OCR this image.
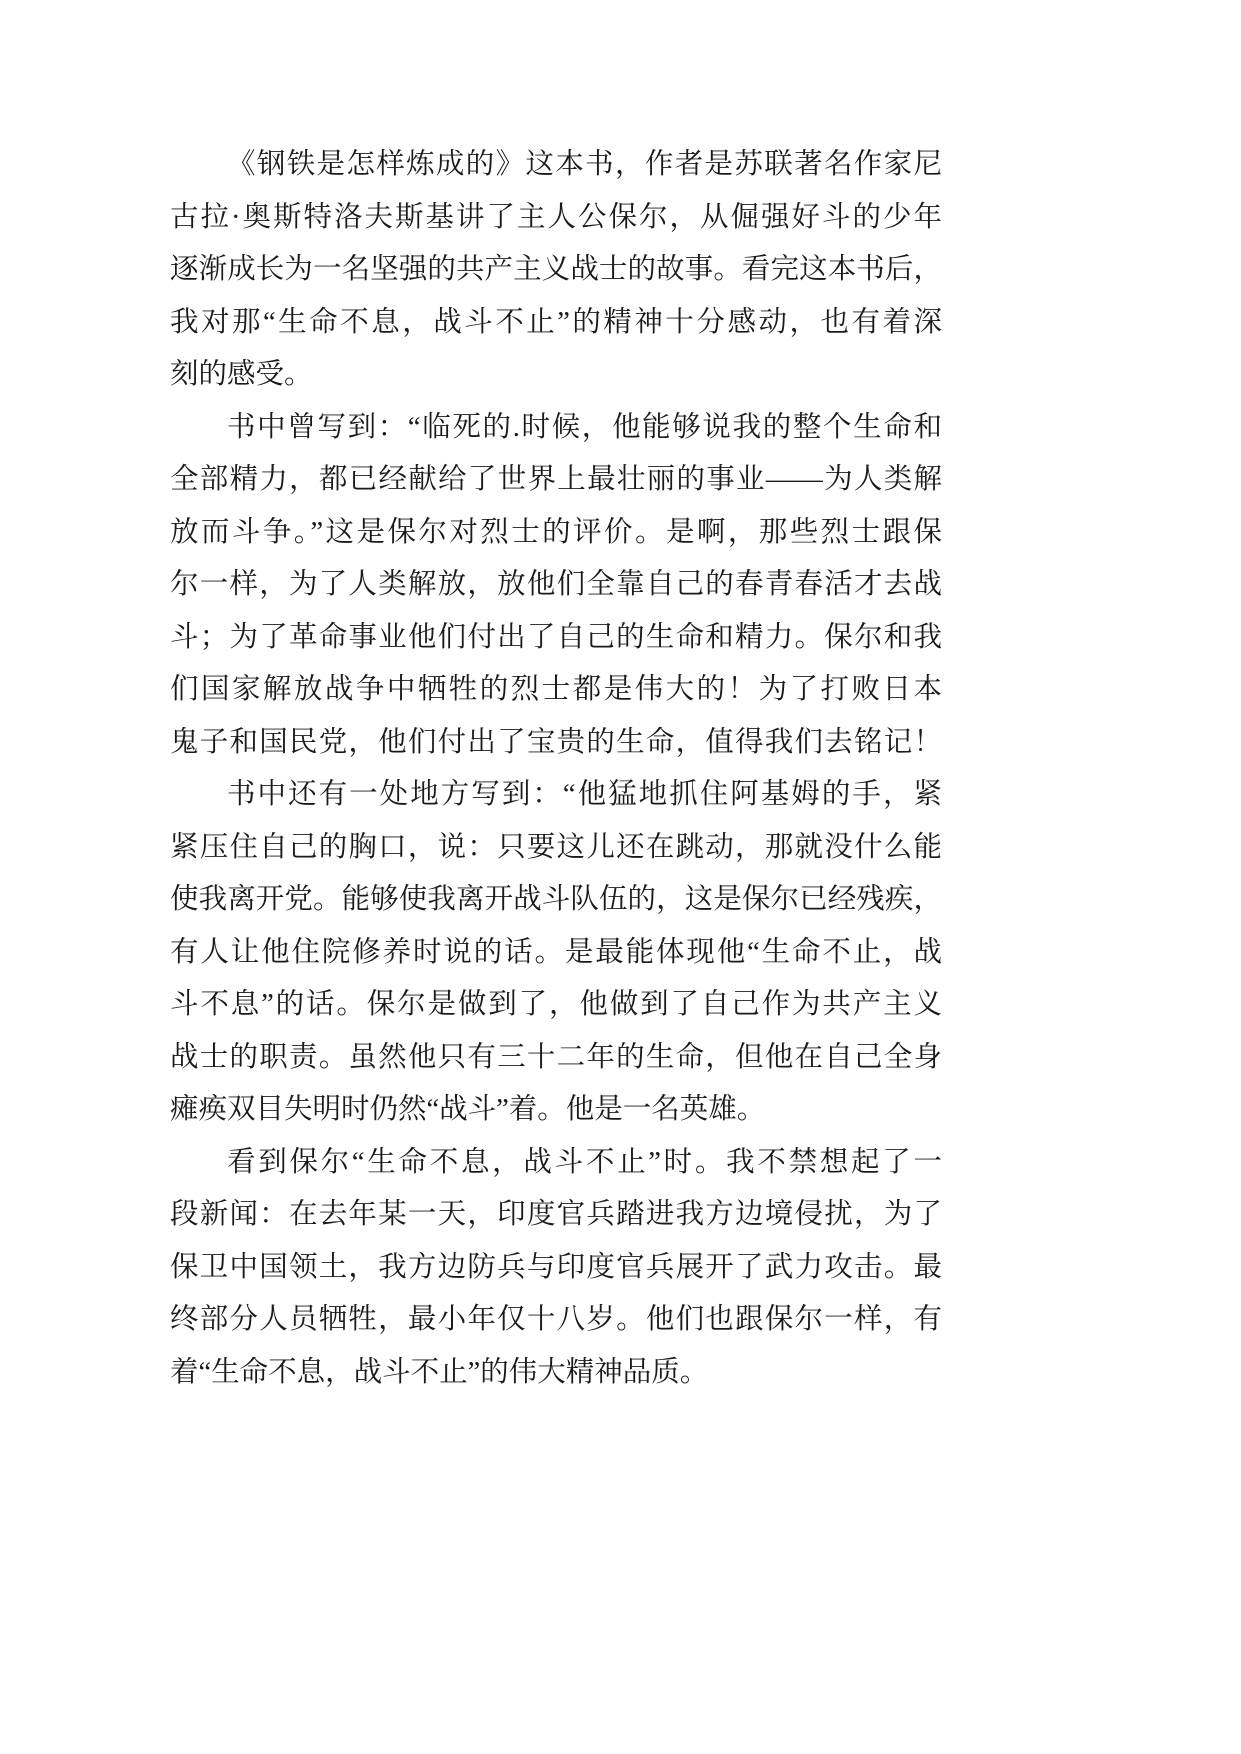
《钢铁是怎样炼成的》这本书，作者是苏联著名作家尼
古拉·奥斯特洛夫斯基讲了主人公保尔，从倔强好斗的少年
逐渐成长为一名坚强的共产主义战士的故事。看完这本书后，
我对那“生命不息，战斗不止”的精神十分感动，也有着深
刻的感受。
书中曾写到：“临死的.时候，他能够说我的整个生命和
全部精力，都已经献给了世界上最壮丽的事业——为人类解
放而斗争。”这是保尔对烈士的评价。是啊，那些烈士跟保
尔一样，为了人类解放，放他们全靠自己的春青春活才去战
斗；为了革命事业他们付出了自己的生命和精力。保尔和我
们国家解放战争中牺牲的烈士都是伟大的！为了打败日本
鬼子和国民党，他们付出了宝贵的生命，值得我们去铭记！
书中还有一处地方写到：“他猛地抓住阿基姆的手，紧
紧压住自己的胸口，说：只要这儿还在跳动，那就没什么能
使我离开党。能够使我离开战斗队伍的，这是保尔已经残疾，
有人让他住院修养时说的话。是最能体现他“生命不止，战
斗不息”的话。保尔是做到了，他做到了自己作为共产主义
战士的职责。虽然他只有三十二年的生命，但他在自己全身
瘫痪双目失明时仍然“战斗”着。他是一名英雄。
看到保尔“生命不息，战斗不止”时。我不禁想起了一
段新闻：在去年某一天，印度官兵踏进我方边境侵扰，为了
保卫中国领土，我方边防兵与印度官兵展开了武力攻击。最
终部分人员牺牲，最小年仅十八岁。他们也跟保尔一样，有
着“生命不息，战斗不止”的伟大精神品质。
